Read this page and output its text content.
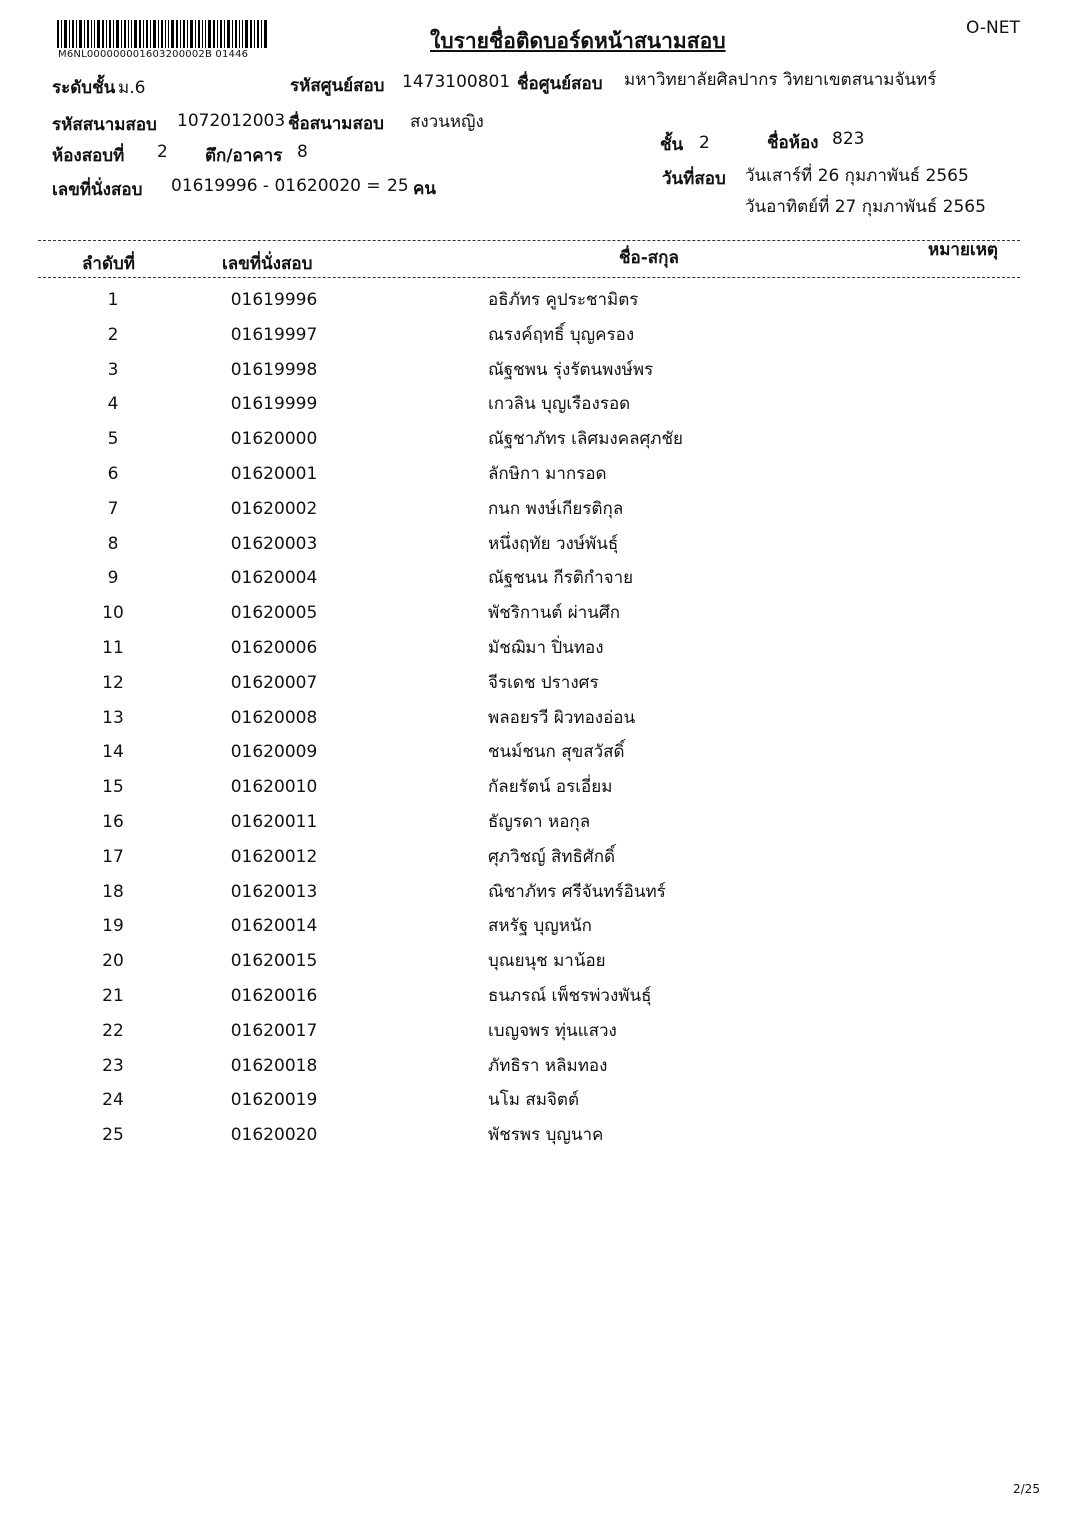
M6NL000000001603200002B 01446
ใบรายชื่อติดบอร์ดหน้าสนามสอบ
O-NET
ระดับชั้น ม.6	รหัสศูนย์สอบ 1473100801 ชื่อศูนย์สอบ มหาวิทยาลัยศิลปากร วิทยาเขตสนามจันทร์
รหัสสนามสอบ 1072012003 ชื่อสนามสอบ สงวนหญิง
ห้องสอบที่ 2 ตึก/อาคาร 8	ชั้น 2	ชื่อห้อง 823
วันที่สอบ วันเสาร์ที่ 26 กุมภาพันธ์ 2565
วันอาทิตย์ที่ 27 กุมภาพันธ์ 2565
เลขที่นั่งสอบ 01619996 - 01620020 = 25 คน
ลำดับที่	เลขที่นั่งสอบ	ชื่อ-สกุล	หมายเหตุ
1	01619996	อธิภัทร คูประชามิตร
2	01619997	ณรงค์ฤทธิ์ บุญครอง
3	01619998	ณัฐชพน รุ่งรัตนพงษ์พร
4	01619999	เกวลิน บุญเรืองรอด
5	01620000	ณัฐชาภัทร เลิศมงคลศุภชัย
6	01620001	ลักษิกา มากรอด
7	01620002	กนก พงษ์เกียรติกุล
8	01620003	หนึ่งฤทัย วงษ์พันธุ์
9	01620004	ณัฐชนน กีรติกำจาย
10	01620005	พัชริกานต์ ผ่านศึก
11	01620006	มัชฌิมา ปิ่นทอง
12	01620007	จีรเดช ปรางศร
13	01620008	พลอยรวี ผิวทองอ่อน
14	01620009	ชนม์ชนก สุขสวัสดิ์
15	01620010	กัลยรัตน์ อรเอี่ยม
16	01620011	ธัญรดา หอกุล
17	01620012	ศุภวิชญ์ สิทธิศักดิ์
18	01620013	ณิชาภัทร ศรีจันทร์อินทร์
19	01620014	สหรัฐ บุญหนัก
20	01620015	บุณยนุช มาน้อย
21	01620016	ธนภรณ์ เพ็ชรพ่วงพันธุ์
22	01620017	เบญจพร ทุ่นแสวง
23	01620018	ภัทธิรา หลิมทอง
24	01620019	นโม สมจิตต์
25	01620020	พัชรพร บุญนาค
2/25
